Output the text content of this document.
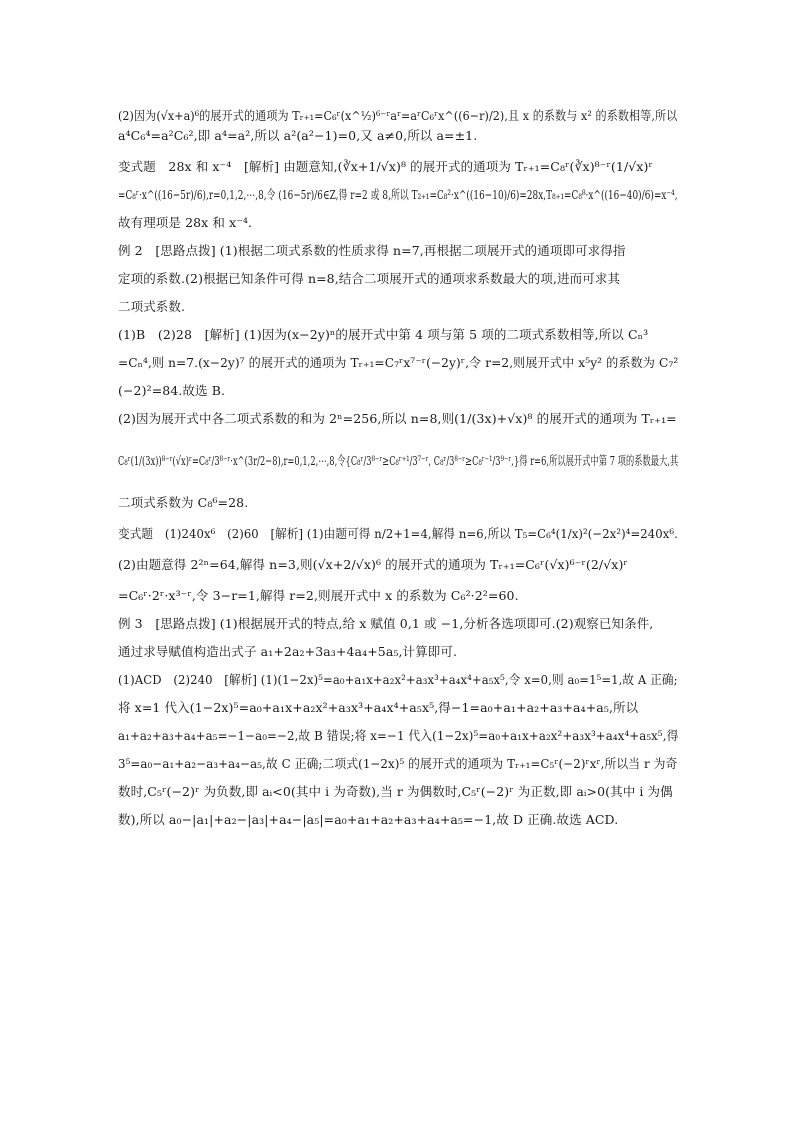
(2)因为(√x+a)⁶的展开式的通项为 Tᵣ₊₁=C₆ʳ(x^½)⁶⁻ʳaʳ=aʳC₆ʳx^((6−r)/2),且 x 的系数与 x² 的系数相等,所以
a⁴C₆⁴=a²C₆²,即 a⁴=a²,所以 a²(a²−1)=0,又 a≠0,所以 a=±1.
变式题　28x 和 x⁻⁴　[解析] 由题意知,(∛x+1/√x)⁸ 的展开式的通项为 Tᵣ₊₁=C₈ʳ(∛x)⁸⁻ʳ(1/√x)ʳ
=C₈ʳ·x^((16−5r)/6),r=0,1,2,⋯,8,令 (16−5r)/6∈Z,得 r=2 或 8,所以 T₂₊₁=C₈²·x^((16−10)/6)=28x,T₈₊₁=C₈⁸·x^((16−40)/6)=x⁻⁴,
故有理项是 28x 和 x⁻⁴.
例 2　[思路点拨] (1)根据二项式系数的性质求得 n=7,再根据二项展开式的通项即可求得指
定项的系数.(2)根据已知条件可得 n=8,结合二项展开式的通项求系数最大的项,进而可求其
二项式系数.
(1)B　(2)28　[解析] (1)因为(x−2y)ⁿ的展开式中第 4 项与第 5 项的二项式系数相等,所以 Cₙ³
=Cₙ⁴,则 n=7.(x−2y)⁷ 的展开式的通项为 Tᵣ₊₁=C₇ʳx⁷⁻ʳ(−2y)ʳ,令 r=2,则展开式中 x⁵y² 的系数为 C₇²
(−2)²=84.故选 B.
(2)因为展开式中各二项式系数的和为 2ⁿ=256,所以 n=8,则(1/(3x)+√x)⁸ 的展开式的通项为 Tᵣ₊₁=
C₈ʳ(1/(3x))⁸⁻ʳ(√x)ʳ=C₈ʳ/3⁸⁻ʳ·x^(3r/2−8),r=0,1,2,⋯,8,令{C₈ʳ/3⁸⁻ʳ≥C₈ʳ⁺¹/3⁷⁻ʳ, C₈ʳ/3⁸⁻ʳ≥C₈ʳ⁻¹/3⁹⁻ʳ,}得 r=6,所以展开式中第 7 项的系数最大,其
二项式系数为 C₈⁶=28.
变式题　(1)240x⁶　(2)60　[解析] (1)由题可得 n/2+1=4,解得 n=6,所以 T₅=C₆⁴(1/x)²(−2x²)⁴=240x⁶.
(2)由题意得 2²ⁿ=64,解得 n=3,则(√x+2/√x)⁶ 的展开式的通项为 Tᵣ₊₁=C₆ʳ(√x)⁶⁻ʳ(2/√x)ʳ
=C₆ʳ·2ʳ·x³⁻ʳ,令 3−r=1,解得 r=2,则展开式中 x 的系数为 C₆²·2²=60.
例 3　[思路点拨] (1)根据展开式的特点,给 x 赋值 0,1 或 −1,分析各选项即可.(2)观察已知条件,
通过求导赋值构造出式子 a₁+2a₂+3a₃+4a₄+5a₅,计算即可.
(1)ACD　(2)240　[解析] (1)(1−2x)⁵=a₀+a₁x+a₂x²+a₃x³+a₄x⁴+a₅x⁵,令 x=0,则 a₀=1⁵=1,故 A 正确;
将 x=1 代入(1−2x)⁵=a₀+a₁x+a₂x²+a₃x³+a₄x⁴+a₅x⁵,得−1=a₀+a₁+a₂+a₃+a₄+a₅,所以
a₁+a₂+a₃+a₄+a₅=−1−a₀=−2,故 B 错误;将 x=−1 代入(1−2x)⁵=a₀+a₁x+a₂x²+a₃x³+a₄x⁴+a₅x⁵,得
3⁵=a₀−a₁+a₂−a₃+a₄−a₅,故 C 正确;二项式(1−2x)⁵ 的展开式的通项为 Tᵣ₊₁=C₅ʳ(−2)ʳxʳ,所以当 r 为奇
数时,C₅ʳ(−2)ʳ 为负数,即 aᵢ<0(其中 i 为奇数),当 r 为偶数时,C₅ʳ(−2)ʳ 为正数,即 aᵢ>0(其中 i 为偶
数),所以 a₀−|a₁|+a₂−|a₃|+a₄−|a₅|=a₀+a₁+a₂+a₃+a₄+a₅=−1,故 D 正确.故选 ACD.
